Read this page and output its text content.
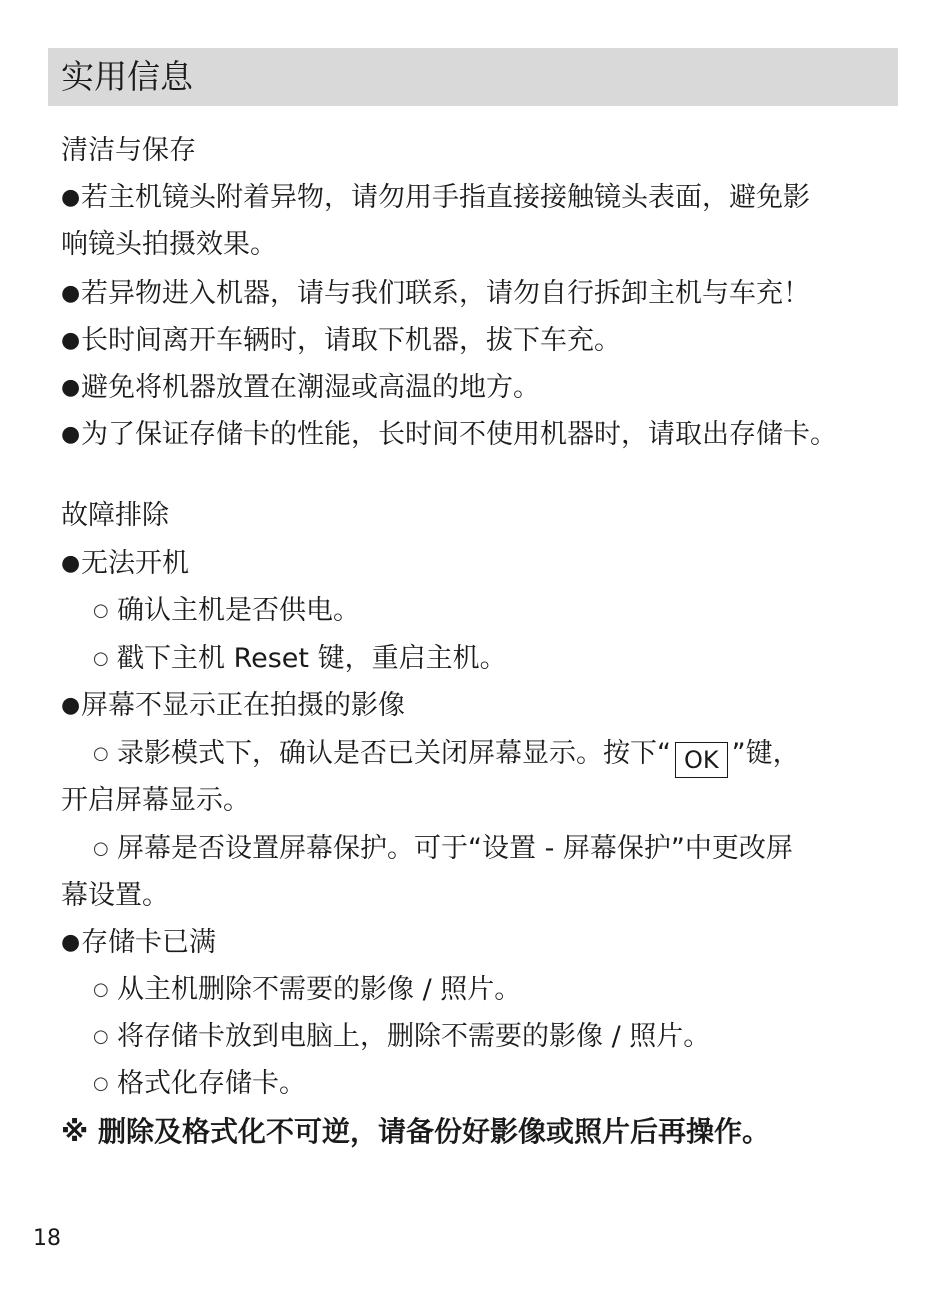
实用信息
清洁与保存
●若主机镜头附着异物，请勿用手指直接接触镜头表面，避免影
响镜头拍摄效果。
●若异物进入机器，请与我们联系，请勿自行拆卸主机与车充！
●长时间离开车辆时，请取下机器，拔下车充。
●避免将机器放置在潮湿或高温的地方。
●为了保证存储卡的性能，长时间不使用机器时，请取出存储卡。
故障排除
●无法开机
○ 确认主机是否供电。
○ 戳下主机 Reset 键，重启主机。
●屏幕不显示正在拍摄的影像
○ 录影模式下，确认是否已关闭屏幕显示。按下“ OK ”键，
开启屏幕显示。
○ 屏幕是否设置屏幕保护。可于“设置 - 屏幕保护”中更改屏
幕设置。
●存储卡已满
○ 从主机删除不需要的影像 / 照片。
○ 将存储卡放到电脑上，删除不需要的影像 / 照片。
○ 格式化存储卡。
※ 删除及格式化不可逆，请备份好影像或照片后再操作。
18
